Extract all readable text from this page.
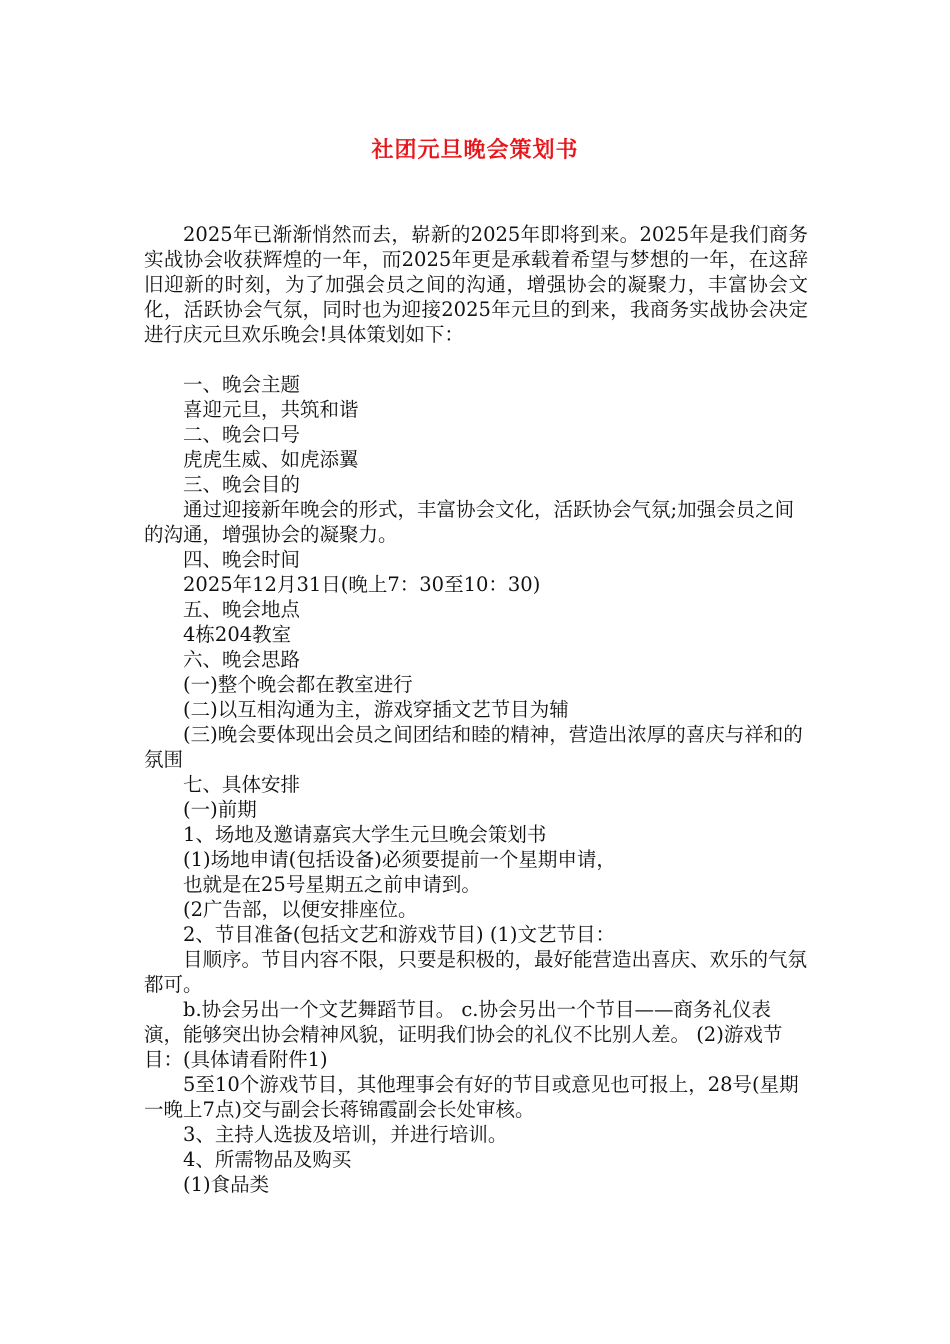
社团元旦晚会策划书

2025年已渐渐悄然而去，崭新的2025年即将到来。2025年是我们商务实战协会收获辉煌的一年，而2025年更是承载着希望与梦想的一年，在这辞旧迎新的时刻，为了加强会员之间的沟通，增强协会的凝聚力，丰富协会文化，活跃协会气氛，同时也为迎接2025年元旦的到来，我商务实战协会决定进行庆元旦欢乐晚会!具体策划如下：

一、晚会主题

喜迎元旦，共筑和谐

二、晚会口号

虎虎生威、如虎添翼

三、晚会目的

通过迎接新年晚会的形式，丰富协会文化，活跃协会气氛;加强会员之间的沟通，增强协会的凝聚力。

四、晚会时间

2025年12月31日(晚上7：30至10：30)

五、晚会地点

4栋204教室

六、晚会思路

(一)整个晚会都在教室进行

(二)以互相沟通为主，游戏穿插文艺节目为辅

(三)晚会要体现出会员之间团结和睦的精神，营造出浓厚的喜庆与祥和的氛围

七、具体安排

(一)前期

1、场地及邀请嘉宾大学生元旦晚会策划书

(1)场地申请(包括设备)必须要提前一个星期申请，

也就是在25号星期五之前申请到。

(2广告部，以便安排座位。

2、节目准备(包括文艺和游戏节目) (1)文艺节目：

目顺序。节目内容不限，只要是积极的，最好能营造出喜庆、欢乐的气氛都可。

b.协会另出一个文艺舞蹈节目。 c.协会另出一个节目——商务礼仪表演，能够突出协会精神风貌，证明我们协会的礼仪不比别人差。 (2)游戏节目：(具体请看附件1)

5至10个游戏节目，其他理事会有好的节目或意见也可报上，28号(星期一晚上7点)交与副会长蒋锦霞副会长处审核。

3、主持人选拔及培训，并进行培训。

4、所需物品及购买

(1)食品类
